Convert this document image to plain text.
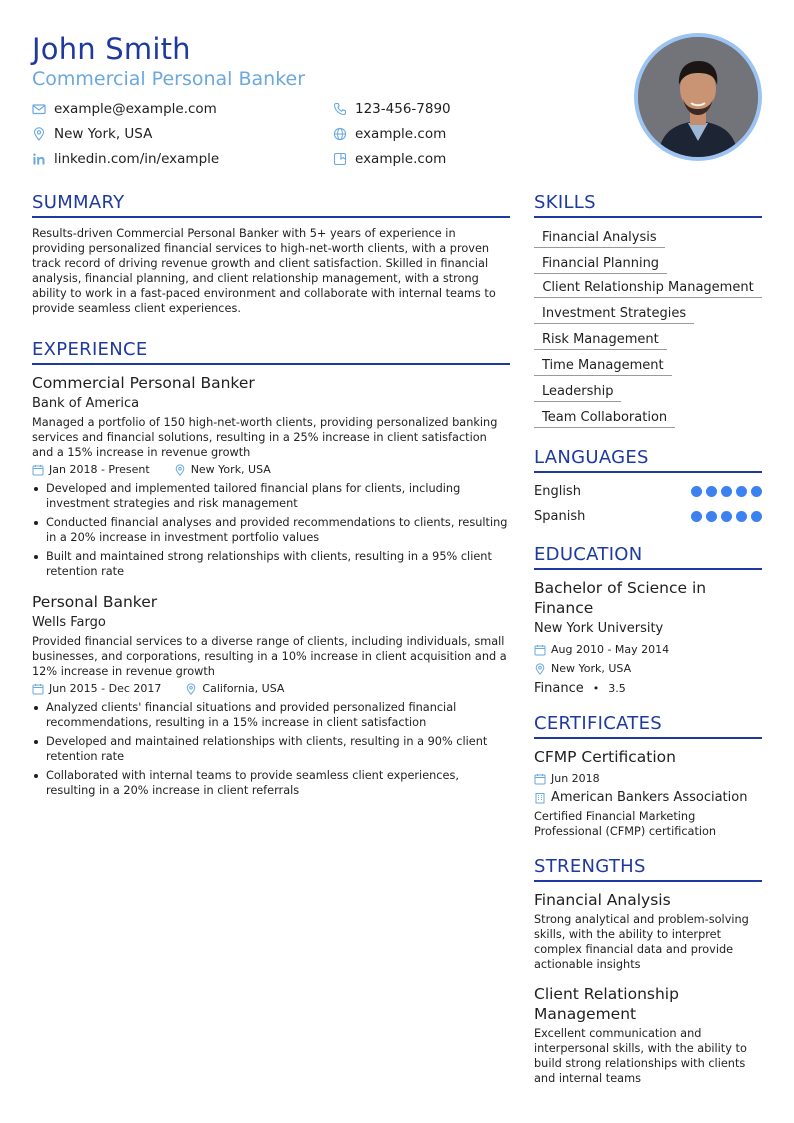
John Smith
Commercial Personal Banker
example@example.com	123-456-7890
New York, USA	example.com
linkedin.com/in/example	example.com
SUMMARY
Results-driven Commercial Personal Banker with 5+ years of experience in providing personalized financial services to high-net-worth clients, with a proven track record of driving revenue growth and client satisfaction. Skilled in financial analysis, financial planning, and client relationship management, with a strong ability to work in a fast-paced environment and collaborate with internal teams to provide seamless client experiences.
EXPERIENCE
Commercial Personal Banker
Bank of America
Managed a portfolio of 150 high-net-worth clients, providing personalized banking services and financial solutions, resulting in a 25% increase in client satisfaction and a 15% increase in revenue growth
Jan 2018 - Present	New York, USA
Developed and implemented tailored financial plans for clients, including investment strategies and risk management
Conducted financial analyses and provided recommendations to clients, resulting in a 20% increase in investment portfolio values
Built and maintained strong relationships with clients, resulting in a 95% client retention rate
Personal Banker
Wells Fargo
Provided financial services to a diverse range of clients, including individuals, small businesses, and corporations, resulting in a 10% increase in client acquisition and a 12% increase in revenue growth
Jun 2015 - Dec 2017	California, USA
Analyzed clients' financial situations and provided personalized financial recommendations, resulting in a 15% increase in client satisfaction
Developed and maintained relationships with clients, resulting in a 90% client retention rate
Collaborated with internal teams to provide seamless client experiences, resulting in a 20% increase in client referrals
SKILLS
Financial Analysis
Financial Planning
Client Relationship Management
Investment Strategies
Risk Management
Time Management
Leadership
Team Collaboration
LANGUAGES
English
Spanish
EDUCATION
Bachelor of Science in Finance
New York University
Aug 2010 - May 2014
New York, USA
Finance • 3.5
CERTIFICATES
CFMP Certification
Jun 2018
American Bankers Association
Certified Financial Marketing Professional (CFMP) certification
STRENGTHS
Financial Analysis
Strong analytical and problem-solving skills, with the ability to interpret complex financial data and provide actionable insights
Client Relationship Management
Excellent communication and interpersonal skills, with the ability to build strong relationships with clients and internal teams
